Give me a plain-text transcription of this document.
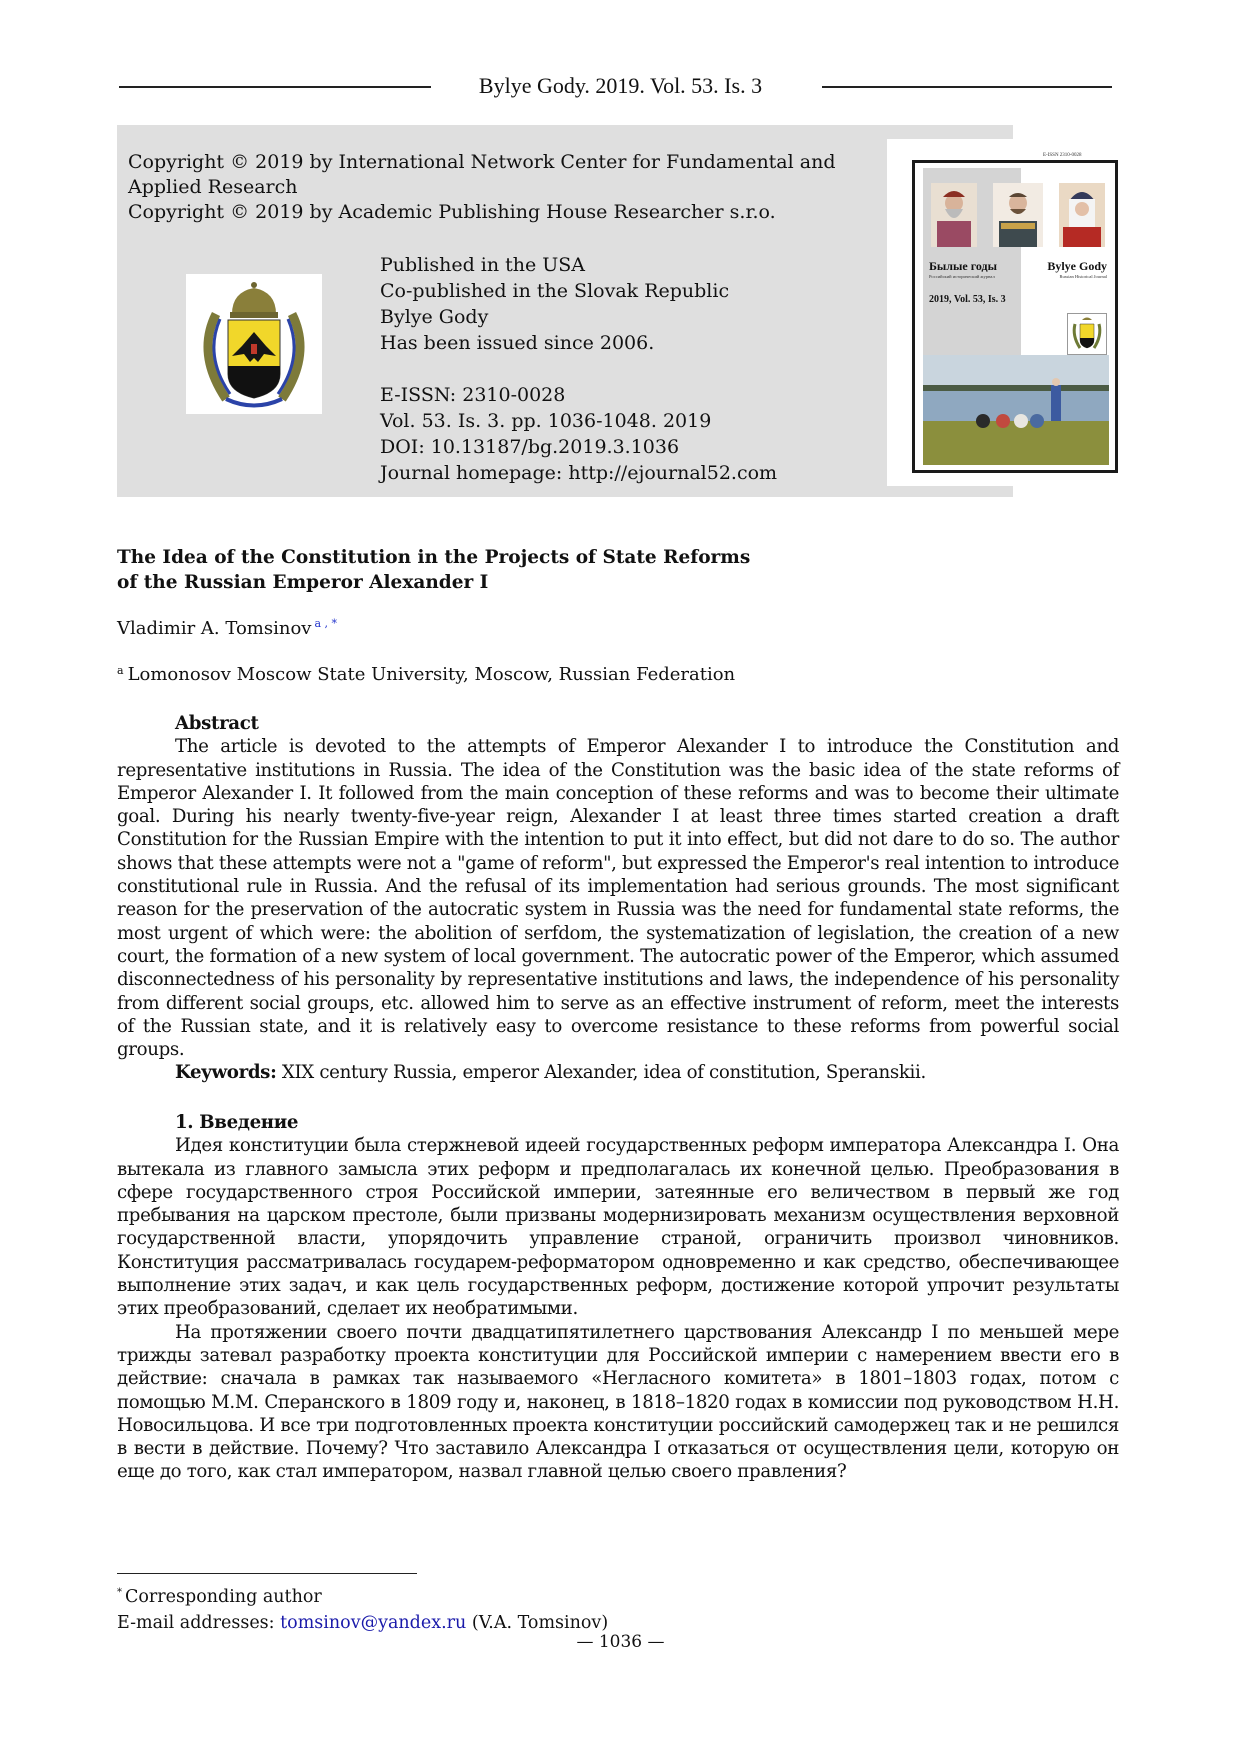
Bylye Gody. 2019. Vol. 53. Is. 3
Copyright © 2019 by International Network Center for Fundamental and Applied Research
Copyright © 2019 by Academic Publishing House Researcher s.r.o.
Published in the USA
Co-published in the Slovak Republic
Bylye Gody
Has been issued since 2006.
E-ISSN: 2310-0028
Vol. 53. Is. 3. pp. 1036-1048. 2019
DOI: 10.13187/bg.2019.3.1036
Journal homepage: http://ejournal52.com
E-ISSN 2310-0028
Былые годы
Российский исторический журнал
Bylye Gody
Russian Historical Journal
2019, Vol. 53, Is. 3
The Idea of the Constitution in the Projects of State Reforms
of the Russian Emperor Alexander I
Vladimir A. Tomsinov $^{a , *}$
$^a$ Lomonosov Moscow State University, Moscow, Russian Federation
Abstract

The article is devoted to the attempts of Emperor Alexander I to introduce the Constitution and representative institutions in Russia. The idea of the Constitution was the basic idea of the state reforms of Emperor Alexander I. It followed from the main conception of these reforms and was to become their ultimate goal. During his nearly twenty-five-year reign, Alexander I at least three times started creation a draft Constitution for the Russian Empire with the intention to put it into effect, but did not dare to do so. The author shows that these attempts were not a "game of reform", but expressed the Emperor's real intention to introduce constitutional rule in Russia. And the refusal of its implementation had serious grounds. The most significant reason for the preservation of the autocratic system in Russia was the need for fundamental state reforms, the most urgent of which were: the abolition of serfdom, the systematization of legislation, the creation of a new court, the formation of a new system of local government. The autocratic power of the Emperor, which assumed disconnectedness of his personality by representative institutions and laws, the independence of his personality from different social groups, etc. allowed him to serve as an effective instrument of reform, meet the interests of the Russian state, and it is relatively easy to overcome resistance to these reforms from powerful social groups.

Keywords: XIX century Russia, emperor Alexander, idea of constitution, Speranskii.

1. Введение

Идея конституции была стержневой идеей государственных реформ императора Александра I. Она вытекала из главного замысла этих реформ и предполагалась их конечной целью. Преобразования в сфере государственного строя Российской империи, затеянные его величеством в первый же год пребывания на царском престоле, были призваны модернизировать механизм осуществления верховной государственной власти, упорядочить управление страной, ограничить произвол чиновников. Конституция рассматривалась государем-реформатором одновременно и как средство, обеспечивающее выполнение этих задач, и как цель государственных реформ, достижение которой упрочит результаты этих преобразований, сделает их необратимыми.

На протяжении своего почти двадцатипятилетнего царствования Александр I по меньшей мере трижды затевал разработку проекта конституции для Российской империи с намерением ввести его в действие: сначала в рамках так называемого «Негласного комитета» в 1801–1803 годах, потом с помощью М.М. Сперанского в 1809 году и, наконец, в 1818–1820 годах в комиссии под руководством Н.Н. Новосильцова. И все три подготовленных проекта конституции российский самодержец так и не решился в вести в действие. Почему? Что заставило Александра I отказаться от осуществления цели, которую он еще до того, как стал императором, назвал главной целью своего правления?

* Corresponding author
E-mail addresses: tomsinov@yandex.ru (V.A. Tomsinov)
— 1036 —
